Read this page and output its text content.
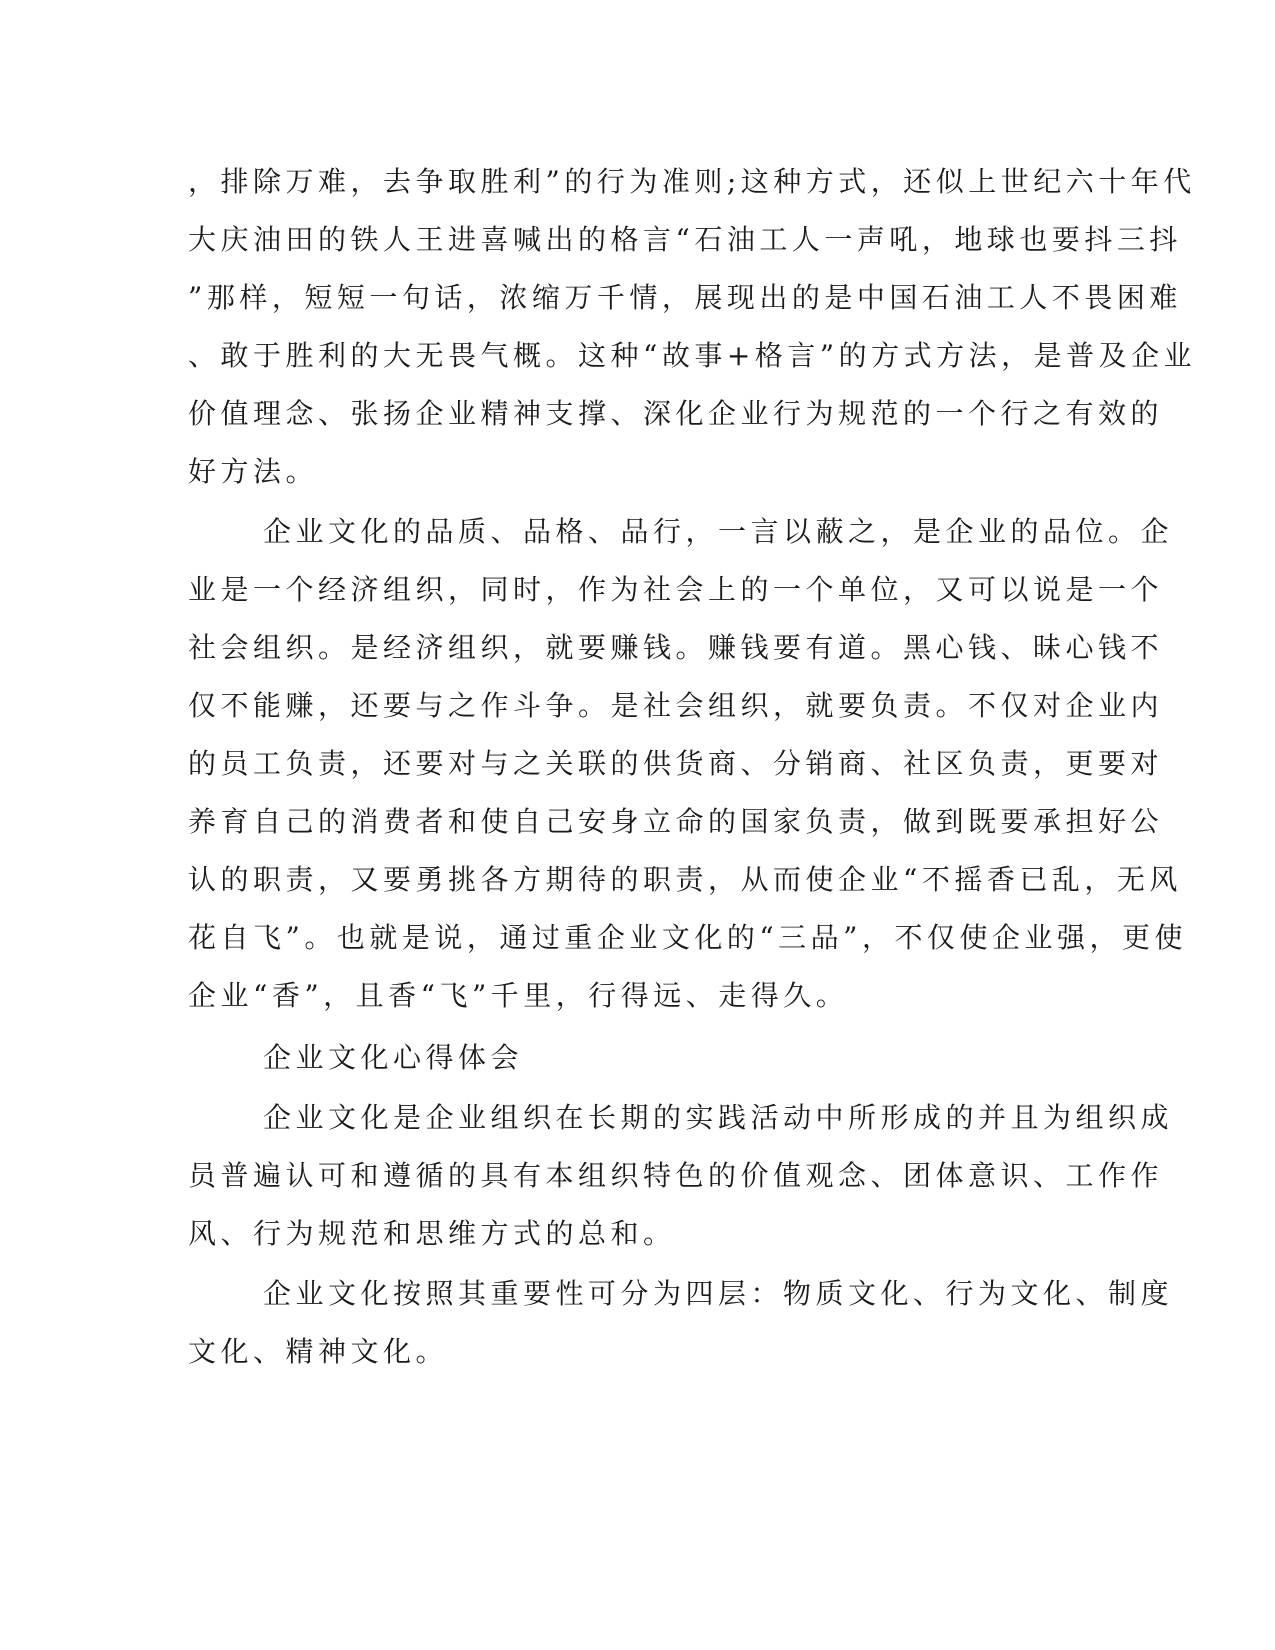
，排除万难，去争取胜利”的行为准则;这种方式，还似上世纪六十年代
大庆油田的铁人王进喜喊出的格言“石油工人一声吼，地球也要抖三抖
”那样，短短一句话，浓缩万千情，展现出的是中国石油工人不畏困难
、敢于胜利的大无畏气概。这种“故事+格言”的方式方法，是普及企业
价值理念、张扬企业精神支撑、深化企业行为规范的一个行之有效的
好方法。
企业文化的品质、品格、品行，一言以蔽之，是企业的品位。企
业是一个经济组织，同时，作为社会上的一个单位，又可以说是一个
社会组织。是经济组织，就要赚钱。赚钱要有道。黑心钱、昧心钱不
仅不能赚，还要与之作斗争。是社会组织，就要负责。不仅对企业内
的员工负责，还要对与之关联的供货商、分销商、社区负责，更要对
养育自己的消费者和使自己安身立命的国家负责，做到既要承担好公
认的职责，又要勇挑各方期待的职责，从而使企业“不摇香已乱，无风
花自飞”。也就是说，通过重企业文化的“三品”，不仅使企业强，更使
企业“香”，且香“飞”千里，行得远、走得久。
企业文化心得体会
企业文化是企业组织在长期的实践活动中所形成的并且为组织成
员普遍认可和遵循的具有本组织特色的价值观念、团体意识、工作作
风、行为规范和思维方式的总和。
企业文化按照其重要性可分为四层：物质文化、行为文化、制度
文化、精神文化。
